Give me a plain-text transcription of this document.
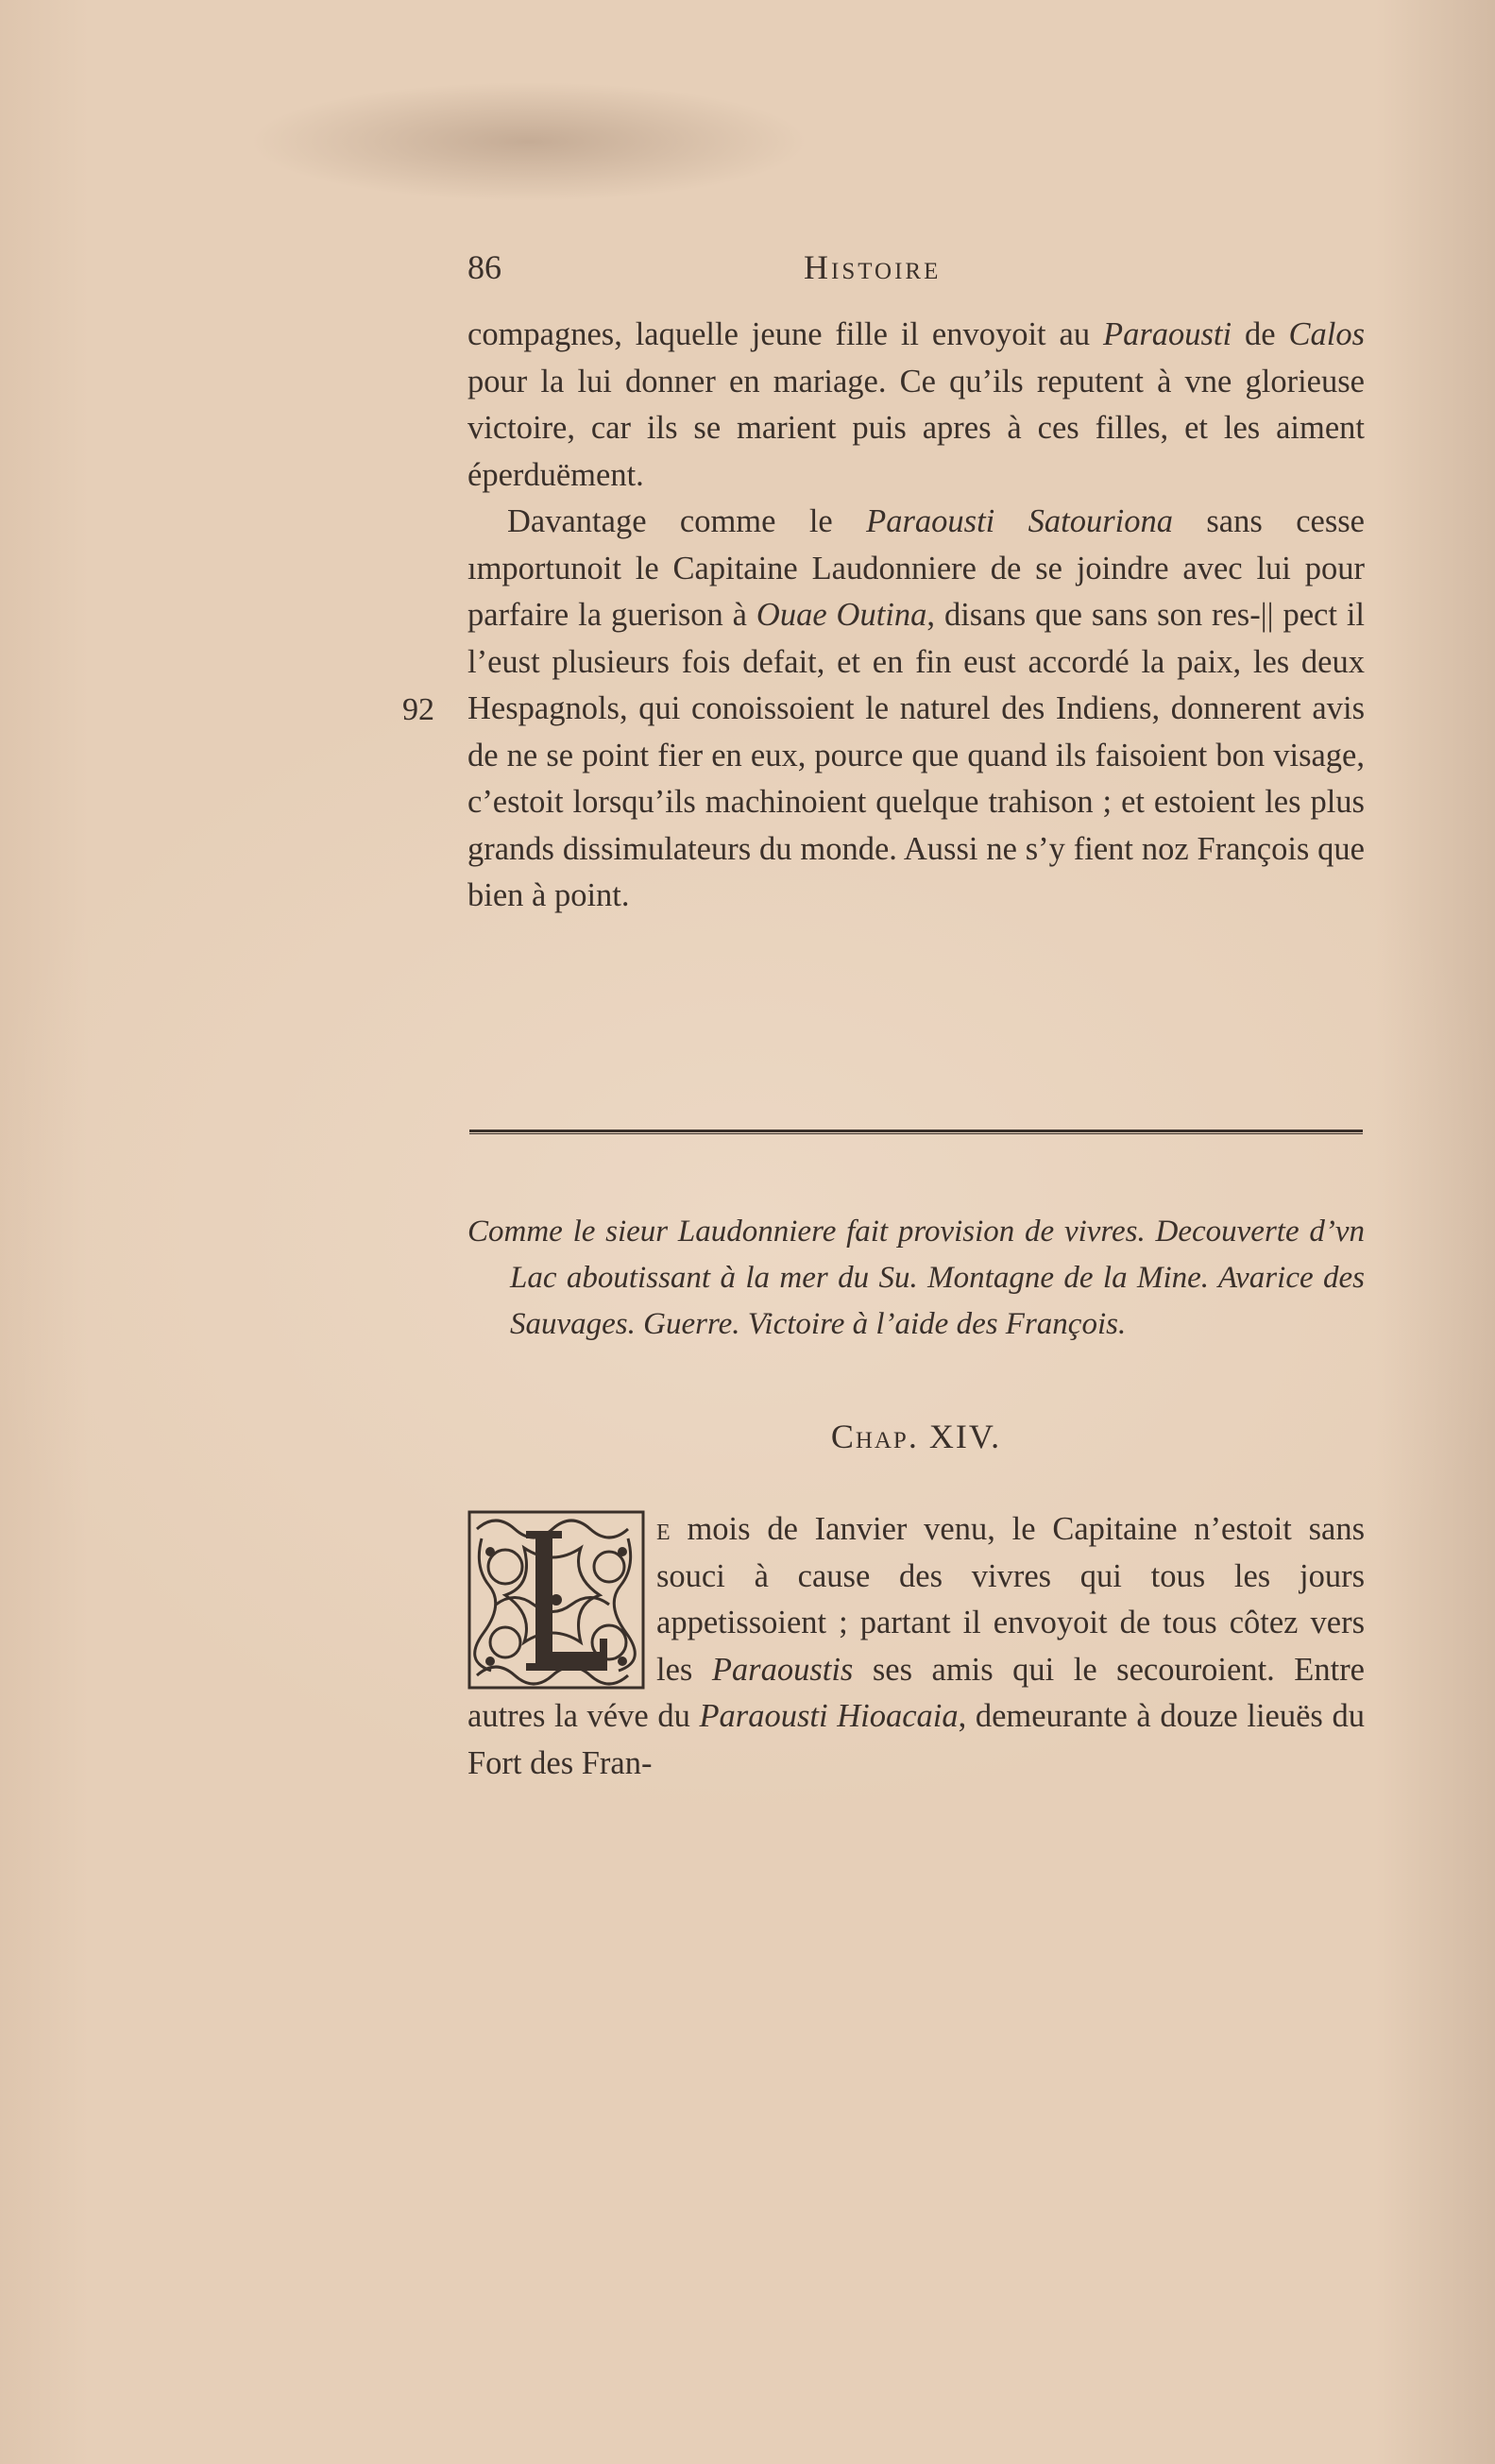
86	Histoire
92

compagnes, laquelle jeune fille il envoyoit au Paraousti de Calos pour la lui donner en mariage. Ce qu’ils reputent à vne glorieuse victoire, car ils se marient puis apres à ces filles, et les aiment éperduëment.

Davantage comme le Paraousti Satouriona sans cesse ımportunoit le Capitaine Laudonniere de se joindre avec lui pour parfaire la guerison à Ouae Outina, disans que sans son res-|| pect il l’eust plusieurs fois defait, et en fin eust accordé la paix, les deux Hespagnols, qui conoissoient le naturel des Indiens, donnerent avis de ne se point fier en eux, pource que quand ils faisoient bon visage, c’estoit lorsqu’ils machinoient quelque trahison ; et estoient les plus grands dissimulateurs du monde. Aussi ne s’y fient noz François que bien à point.

Comme le sieur Laudonniere fait provision de vivres. Decouverte d’vn Lac aboutissant à la mer du Su. Montagne de la Mine. Avarice des Sauvages. Guerre. Victoire à l’aide des François.
Chap. XIV.
e mois de Ianvier venu, le Capitaine n’estoit sans souci à cause des vivres qui tous les jours appetissoient ; partant il envoyoit de tous côtez vers les Paraoustis ses amis qui le secouroient. Entre autres la véve du Paraousti Hioacaia, demeurante à douze lieuës du Fort des Fran-
